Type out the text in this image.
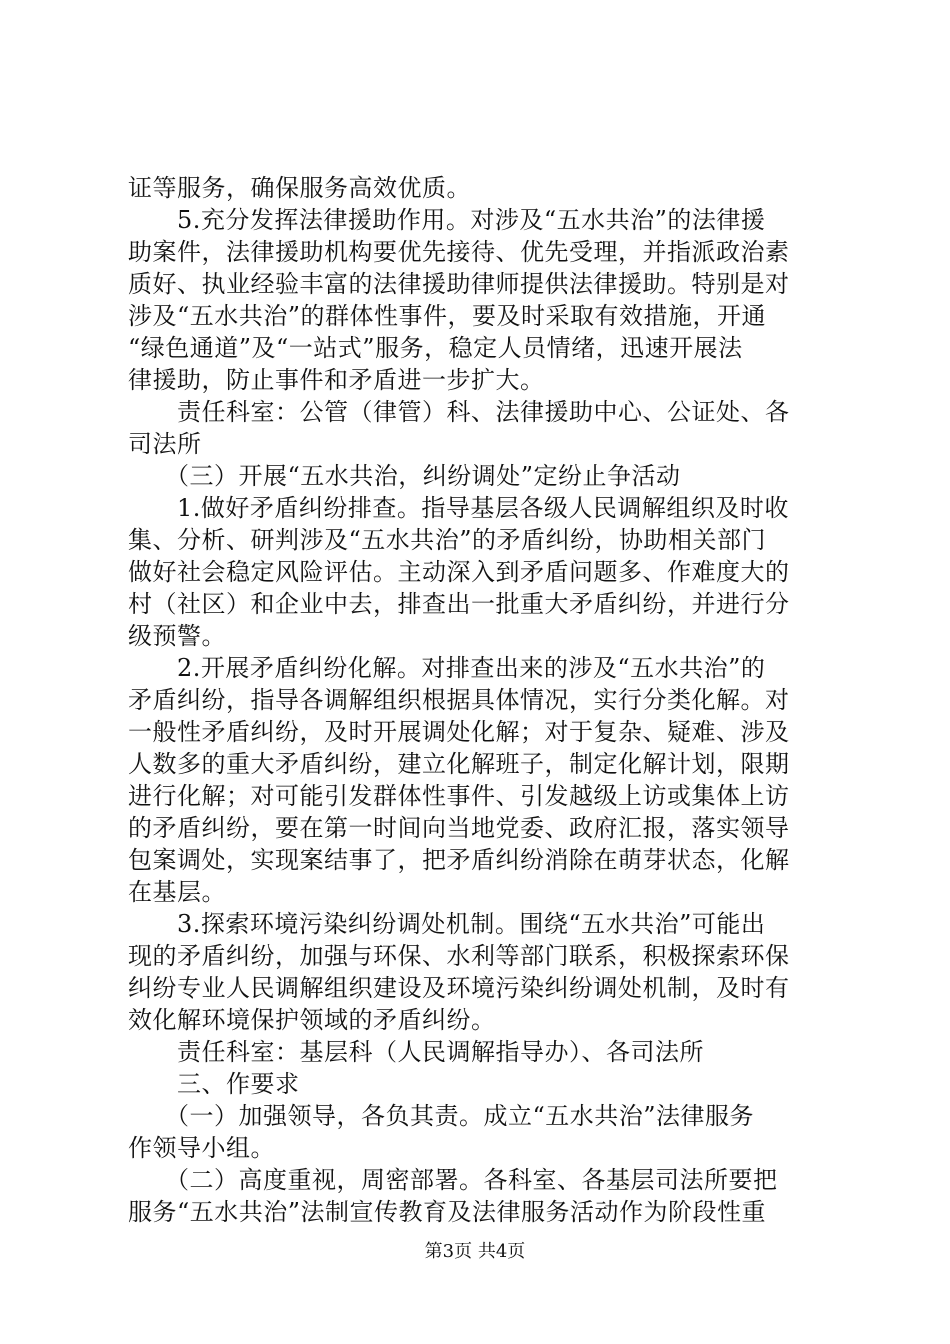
证等服务，确保服务高效优质。
　　5.充分发挥法律援助作用。对涉及“五水共治”的法律援
助案件，法律援助机构要优先接待、优先受理，并指派政治素
质好、执业经验丰富的法律援助律师提供法律援助。特别是对
涉及“五水共治”的群体性事件，要及时采取有效措施，开通
“绿色通道”及“一站式”服务，稳定人员情绪，迅速开展法
律援助，防止事件和矛盾进一步扩大。
　　责任科室：公管（律管）科、法律援助中心、公证处、各
司法所
　　（三）开展“五水共治，纠纷调处”定纷止争活动
　　1.做好矛盾纠纷排查。指导基层各级人民调解组织及时收
集、分析、研判涉及“五水共治”的矛盾纠纷，协助相关部门
做好社会稳定风险评估。主动深入到矛盾问题多、作难度大的
村（社区）和企业中去，排查出一批重大矛盾纠纷，并进行分
级预警。
　　2.开展矛盾纠纷化解。对排查出来的涉及“五水共治”的
矛盾纠纷，指导各调解组织根据具体情况，实行分类化解。对
一般性矛盾纠纷，及时开展调处化解；对于复杂、疑难、涉及
人数多的重大矛盾纠纷，建立化解班子，制定化解计划，限期
进行化解；对可能引发群体性事件、引发越级上访或集体上访
的矛盾纠纷，要在第一时间向当地党委、政府汇报，落实领导
包案调处，实现案结事了，把矛盾纠纷消除在萌芽状态，化解
在基层。
　　3.探索环境污染纠纷调处机制。围绕“五水共治”可能出
现的矛盾纠纷，加强与环保、水利等部门联系，积极探索环保
纠纷专业人民调解组织建设及环境污染纠纷调处机制，及时有
效化解环境保护领域的矛盾纠纷。
　　责任科室：基层科（人民调解指导办）、各司法所
　　三、作要求
　　（一）加强领导，各负其责。成立“五水共治”法律服务
作领导小组。
　　（二）高度重视，周密部署。各科室、各基层司法所要把
服务“五水共治”法制宣传教育及法律服务活动作为阶段性重
第3页 共4页
